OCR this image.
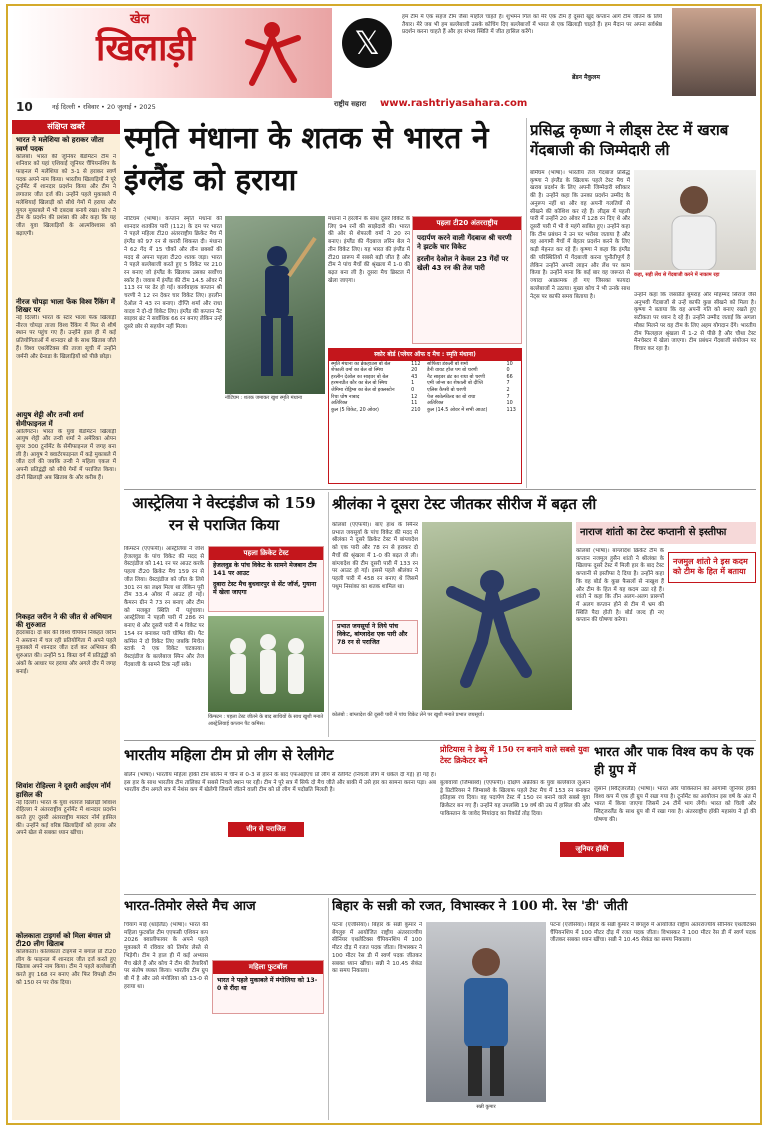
खेल
खिलाड़ी
10	नई दिल्ली • रविवार • 20 जुलाई • 2025
𝕏
राष्ट्रीय सहारा www.rashtriyasahara.com

हम टीम में एक सहज टीम जैसा माहौल चाहते हैं। शुभमन गिल को मेरे एक टीम है दूसरों खुद कप्तान आगे टीम जीतने के लिये तैयार। मेरे जब भी हम बल्लेबाजी उसके कोचिंग दिए बल्लेबाजों में भारत से एक खिलाड़ी चाहते हैं। हम मैदान पर अपना सर्वश्रेष्ठ प्रदर्शन करना चाहते हैं और हर संभव स्थिति में जीत हासिल करेंगे।

ब्रेंडन मैकुलम
संक्षिप्त खबरें
भारत ने मलेशिया को हराकर जीता स्वर्ण पदक

कोलंबो। भारत की जूनियर बैडमिंटन टीम ने शनिवार को यहां एशियाई जूनियर चैंपियनशिप के फाइनल में मलेशिया को 3-1 से हराकर स्वर्ण पदक अपने नाम किया। भारतीय खिलाड़ियों ने पूरे टूर्नामेंट में शानदार प्रदर्शन किया और टीम ने लगातार जीत दर्ज की। उन्होंने पहले मुकाबले में मलेशियाई खिलाड़ी को सीधे गेमों में हराया और युगल मुकाबले में भी दबदबा बनाये रखा। कोच ने टीम के प्रदर्शन की प्रशंसा की और कहा कि यह जीत युवा खिलाड़ियों के आत्मविश्वास को बढ़ाएगी।

नीरज चोपड़ा भाला फेंक विश्व रैंकिंग में शिखर पर

नई दिल्ली। भारत के स्टार भाला फेंक खिलाड़ी नीरज चोपड़ा ताजा विश्व रैंकिंग में फिर से शीर्ष स्थान पर पहुंच गए हैं। उन्होंने हाल ही में कई प्रतियोगिताओं में शानदार थ्रो के साथ खिताब जीते हैं। विश्व एथलेटिक्स की ताजा सूची में उन्होंने जर्मनी और ग्रेनाडा के खिलाड़ियों को पीछे छोड़ा।

आयुष शेट्टी और तन्वी शर्मा सेमीफाइनल में

आर्लिंगटन। भारत के युवा बैडमिंटन खिलाड़ी आयुष शेट्टी और तन्वी शर्मा ने अमेरिका ओपन सुपर 300 टूर्नामेंट के सेमीफाइनल में जगह बना ली है। आयुष ने क्वार्टरफाइनल में कड़े मुकाबले में जीत दर्ज की जबकि तन्वी ने महिला एकल में अपनी प्रतिद्वंद्वी को सीधे गेमों में पराजित किया। दोनों खिलाड़ी अब खिताब के और करीब हैं।

निकहत जरीन ने की जीत से अभियान की शुरुआत

हैदराबाद। दो बार की विश्व चैंपियन निकहत जरीन ने अस्ताना में चल रही प्रतियोगिता में अपने पहले मुकाबले में शानदार जीत दर्ज कर अभियान की शुरुआत की। उन्होंने 51 किग्रा वर्ग में प्रतिद्वंद्वी को अंकों के आधार पर हराया और अगले दौर में जगह बनाई।

शिवांश रोहिल्ला ने दूसरी आईएम नॉर्म हासिल की

नई दिल्ली। भारत के युवा शतरंज खिलाड़ी शिवांश रोहिल्ला ने अंतरराष्ट्रीय टूर्नामेंट में शानदार प्रदर्शन करते हुए दूसरी अंतरराष्ट्रीय मास्टर नॉर्म हासिल की। उन्होंने कई वरिष्ठ खिलाड़ियों को हराया और अपने खेल से सबका ध्यान खींचा।

कोलकाता टाइगर्स को मिला बंगाल प्रो टी20 लीग खिताब

कोलकाता। कोलकाता टाइगर्स ने बंगाल प्रो टी20 लीग के फाइनल में शानदार जीत दर्ज करते हुए खिताब अपने नाम किया। टीम ने पहले बल्लेबाजी करते हुए 168 रन बनाए और फिर विपक्षी टीम को 150 रन पर रोक दिया।

स्मृति मंधाना के शतक से भारत ने इंग्लैंड को हराया

नॉटिंघम (भाषा)। कप्तान स्मृति मंधाना की शानदार शतकीय पारी (112) के दम पर भारत ने पहले महिला टी20 अंतरराष्ट्रीय क्रिकेट मैच में इंग्लैंड को 97 रन से करारी शिकस्त दी। मंधाना ने 62 गेंद में 15 चौकों और तीन छक्कों की मदद से अपना पहला टी20 शतक जड़ा। भारत ने पहले बल्लेबाजी करते हुए 5 विकेट पर 210 रन बनाए जो इंग्लैंड के खिलाफ उसका सर्वोच्च स्कोर है। जवाब में इंग्लैंड की टीम 14.5 ओवर में 113 रन पर ढेर हो गई। कार्यवाहक कप्तान श्री चरणी ने 12 रन देकर चार विकेट लिए। हरलीन देओल ने 43 रन बनाए। दीप्ति शर्मा और राधा यादव ने दो-दो विकेट लिए। इंग्लैंड की कप्तान नैट साइवर ब्रंट ने सर्वाधिक 66 रन बनाए लेकिन उन्हें दूसरे छोर से सहयोग नहीं मिला।

नॉटिंघम : शतक जमाकर खुश स्मृति मंधाना

मंधाना ने हरलीन के साथ दूसरे विकेट के लिए 94 रनों की साझेदारी की। भारत की ओर से शेफाली वर्मा ने 20 रन बनाए। इंग्लैंड की गेंदबाज लॉरेन बेल ने तीन विकेट लिए। यह भारत की इंग्लैंड में टी20 प्रारूप में सबसे बड़ी जीत है और टीम ने पांच मैचों की श्रृंखला में 1-0 की बढ़त बना ली है। दूसरा मैच ब्रिस्टल में खेला जाएगा।

पहला टी20 अंतरराष्ट्रीय
पदार्पण करने वाली गेंदबाज श्री चरणी ने झटके चार विकेट
हरलीन देओल ने केवल 23 गेंदों पर खेली 43 रन की तेज पारी
स्कोर बोर्ड (प्लेयर ऑफ द मैच : स्मृति मंधाना)
स्मृति मंधाना का ब्रेकहाउस बो बेल	112
शेफाली वर्मा का बेल बो स्मिथ	20
हरलीन देओल का साइवर बो बेल	43
हरमनप्रीत कौर का बेल बो स्मिथ	1
जेमिमा रोड्रिग्स का बेल बो इक्लस्टोन	0
रिचा घोष नाबाद	12
अतिरिक्त	11
कुल (5 विकेट, 20 ओवर)	210
सोफिया डंकली बो शर्मा	10
डैनी वायट हॉज पग बो चरणी	0
नैट साइवर ब्रंट का राधा बो चरणी	66
एमी जोन्स का शेफाली बो दीप्ति	7
एलिस कैप्सी बो चरणी	2
पेज स्कोल्फील्ड का बो राधा	7
अतिरिक्त	10
कुल (14.5 ओवर में सभी आउट)	113
प्रसिद्ध कृष्णा ने लीड्स टेस्ट में खराब गेंदबाजी की जिम्मेदारी ली

बर्मिंघम (भाषा)। भारतीय तेज गेंदबाज प्रसिद्ध कृष्णा ने इंग्लैंड के खिलाफ पहले टेस्ट मैच में खराब प्रदर्शन के लिए अपनी जिम्मेदारी स्वीकार की है। उन्होंने कहा कि उनका प्रदर्शन उम्मीद के अनुरूप नहीं था और वह अपनी गलतियों से सीखने की कोशिश कर रहे हैं। लीड्स में पहली पारी में उन्होंने 20 ओवर में 128 रन दिए थे और दूसरी पारी में भी वे महंगे साबित हुए। उन्होंने कहा कि टीम प्रबंधन ने उन पर भरोसा जताया है और वह आगामी मैचों में बेहतर प्रदर्शन करने के लिए कड़ी मेहनत कर रहे हैं। कृष्णा ने कहा कि इंग्लैंड की परिस्थितियों में गेंदबाजी करना चुनौतीपूर्ण है लेकिन उन्होंने अपनी लाइन और लेंथ पर काम किया है। उन्होंने माना कि कई बार वह जरूरत से ज्यादा आक्रामक हो गए जिसका फायदा बल्लेबाजों ने उठाया। मुख्य कोच ने भी उनके साथ नेट्स पर काफी समय बिताया है।

कहा, सही लेंथ से गेंदबाजी करने में नाकाम रहा

उन्होंने कहा कि जसप्रीत बुमराह और मोहम्मद सिराज जैसे अनुभवी गेंदबाजों से उन्हें काफी कुछ सीखने को मिला है। कृष्णा ने बताया कि वह अपनी गति को बनाए रखते हुए सटीकता पर ध्यान दे रहे हैं। उन्होंने उम्मीद जताई कि अगला मौका मिलने पर वह टीम के लिए अहम योगदान देंगे। भारतीय टीम फिलहाल श्रृंखला में 1-2 से पीछे है और चौथा टेस्ट मैनचेस्टर में खेला जाएगा। टीम प्रबंधन गेंदबाजी संयोजन पर विचार कर रहा है।

आस्ट्रेलिया ने वेस्टइंडीज को 159 रन से पराजित किया

किंग्स्टन (एएफपी)। आस्ट्रेलिया ने जोश हेजलवुड के पांच विकेट की मदद से वेस्टइंडीज को 141 रन पर आउट करके पहला टी20 क्रिकेट मैच 159 रन से जीत लिया। वेस्टइंडीज को जीत के लिये 301 रन का लक्ष्य मिला था लेकिन पूरी टीम 33.4 ओवर में आउट हो गई। कैमरन ग्रीन ने 73 रन बनाए और टीम को मजबूत स्थिति में पहुंचाया। आस्ट्रेलिया ने पहली पारी में 286 रन बनाए थे और दूसरी पारी में 4 विकेट पर 154 रन बनाकर पारी घोषित की। पैट कमिंस ने दो विकेट लिए जबकि मिचेल स्टार्क ने एक विकेट चटकाया। वेस्टइंडीज के बल्लेबाज स्पिन और तेज गेंदबाजी के सामने टिक नहीं सके।

पहला क्रिकेट टेस्ट
हेजलवुड के पांच विकेट के सामने मेजबान टीम 141 पर आउट
दुबारा टेस्ट मैच बुधवारपुर से सेंट जॉर्ज, गुयाना में खेला जाएगा
किंग्स्टन : पहला टेस्ट जीतने के बाद साथियों के साथ खुशी मनाते आस्ट्रेलियाई कप्तान पैट कमिंस।
श्रीलंका ने दूसरा टेस्ट जीतकर सीरीज में बढ़त ली

कोलंबो (एएफपी)। बाएं हाथ के स्पिनर प्रभात जयसूर्या के पांच विकेट की मदद से श्रीलंका ने दूसरे क्रिकेट टेस्ट में बांग्लादेश को एक पारी और 78 रन से हराकर दो मैचों की श्रृंखला में 1-0 की बढ़त ले ली। बांग्लादेश की टीम दूसरी पारी में 133 रन पर आउट हो गई। इससे पहले श्रीलंका ने पहली पारी में 458 रन बनाए थे जिसमें पथुम निसांका का शतक शामिल था।

प्रभात जयसूर्या ने लिये पांच विकेट, बांग्लादेश एक पारी और 78 रन से पराजित
कोलंबो : बांग्लादेश की दूसरी पारी में पांच विकेट लेने पर खुशी मनाते प्रभात जयसूर्या।
नाराज शांतो का टेस्ट कप्तानी से इस्तीफा

कोलंबो (भाषा)। बांग्लादेश क्रिकेट टीम के कप्तान नजमुल हुसैन शांतो ने श्रीलंका के खिलाफ दूसरे टेस्ट में मिली हार के बाद टेस्ट कप्तानी से इस्तीफा दे दिया है। उन्होंने कहा कि वह बोर्ड के कुछ फैसलों से नाखुश हैं और टीम के हित में यह कदम उठा रहे हैं। शांतो ने कहा कि तीन अलग-अलग प्रारूपों में अलग कप्तान होने से टीम में भ्रम की स्थिति पैदा होती है। बोर्ड जल्द ही नए कप्तान की घोषणा करेगा।

नजमुल शांतो ने इस कदम को टीम के हित में बताया
भारतीय महिला टीम प्रो लीग से रेलीगेट

बर्लिन (भाषा)। भारतीय महिला हॉकी टीम बर्लिन में चीन से 0-3 से हारने के बाद एफआईएच प्रो लीग से रेलीगेट (निचली लीग में धकेल दी गई) हो गई है। इस हार के साथ भारतीय टीम तालिका में सबसे निचले स्थान पर रही। टीम ने पूरे सत्र में सिर्फ दो मैच जीते और बाकी में उसे हार का सामना करना पड़ा। अब भारतीय टीम अगले सत्र में नेशंस कप में खेलेगी जिसमें जीतने वाली टीम को प्रो लीग में पदोन्नति मिलती है।

चीन से पराजित
प्रोटियास ने डेब्यू में 150 रन बनाने वाले सबसे युवा टेस्ट क्रिकेटर बने

बुलावायो (जिम्बाब्वे) (एएफपी)। दक्षिण अफ्रीका के युवा बल्लेबाज लुआन ड्रे प्रिटोरियस ने जिम्बाब्वे के खिलाफ पहले टेस्ट मैच में 153 रन बनाकर इतिहास रच दिया। वह पदार्पण टेस्ट में 150 रन बनाने वाले सबसे युवा क्रिकेटर बन गए हैं। उन्होंने यह उपलब्धि 19 वर्ष की उम्र में हासिल की और पाकिस्तान के जावेद मियांदाद का रिकॉर्ड तोड़ दिया।

भारत और पाक विश्व कप के एक ही ग्रुप में

लुसाने (स्विट्जरलैंड) (भाषा)। भारत और पाकिस्तान को आगामी जूनियर हॉकी विश्व कप में एक ही ग्रुप में रखा गया है। टूर्नामेंट का आयोजन इस वर्ष के अंत में भारत में किया जाएगा जिसमें 24 टीमें भाग लेंगी। भारत को चिली और स्विट्जरलैंड के साथ ग्रुप बी में रखा गया है। अंतरराष्ट्रीय हॉकी महासंघ ने ड्रॉ की घोषणा की।

जूनियर हॉकी
भारत-तिमोर लेस्ते मैच आज

चियांग माई (थाईलैंड) (भाषा)। भारत की महिला फुटबॉल टीम एएफसी एशियन कप 2026 क्वालीफायर के अपने पहले मुकाबले में रविवार को तिमोर लेस्ते से भिड़ेगी। टीम ने हाल ही में कई अभ्यास मैच खेले हैं और कोच ने टीम की तैयारियों पर संतोष व्यक्त किया। भारतीय टीम ग्रुप बी में है और उसे मंगोलिया को 13-0 से हराया था।

महिला फुटबॉल
भारत ने पहले मुकाबले में मंगोलिया को 13-0 से रौंदा था
बिहार के सन्नी को रजत, विभास्कर ने 100 मी. रेस 'डी' जीती

पटना (एजेंसियां)। बिहार के सन्नी कुमार ने बेंगलुरु में आयोजित राष्ट्रीय अंतरराज्यीय सीनियर एथलेटिक्स चैंपियनशिप में 100 मीटर दौड़ में रजत पदक जीता। विभास्कर ने 100 मीटर रेस डी में स्वर्ण पदक जीतकर सबका ध्यान खींचा। सन्नी ने 10.45 सेकंड का समय निकाला।

सन्नी कुमार

पटना (एजेंसियां)। बिहार के सन्नी कुमार ने बेंगलुरु में आयोजित राष्ट्रीय अंतरराज्यीय सीनियर एथलेटिक्स चैंपियनशिप में 100 मीटर दौड़ में रजत पदक जीता। विभास्कर ने 100 मीटर रेस डी में स्वर्ण पदक जीतकर सबका ध्यान खींचा। सन्नी ने 10.45 सेकंड का समय निकाला।
